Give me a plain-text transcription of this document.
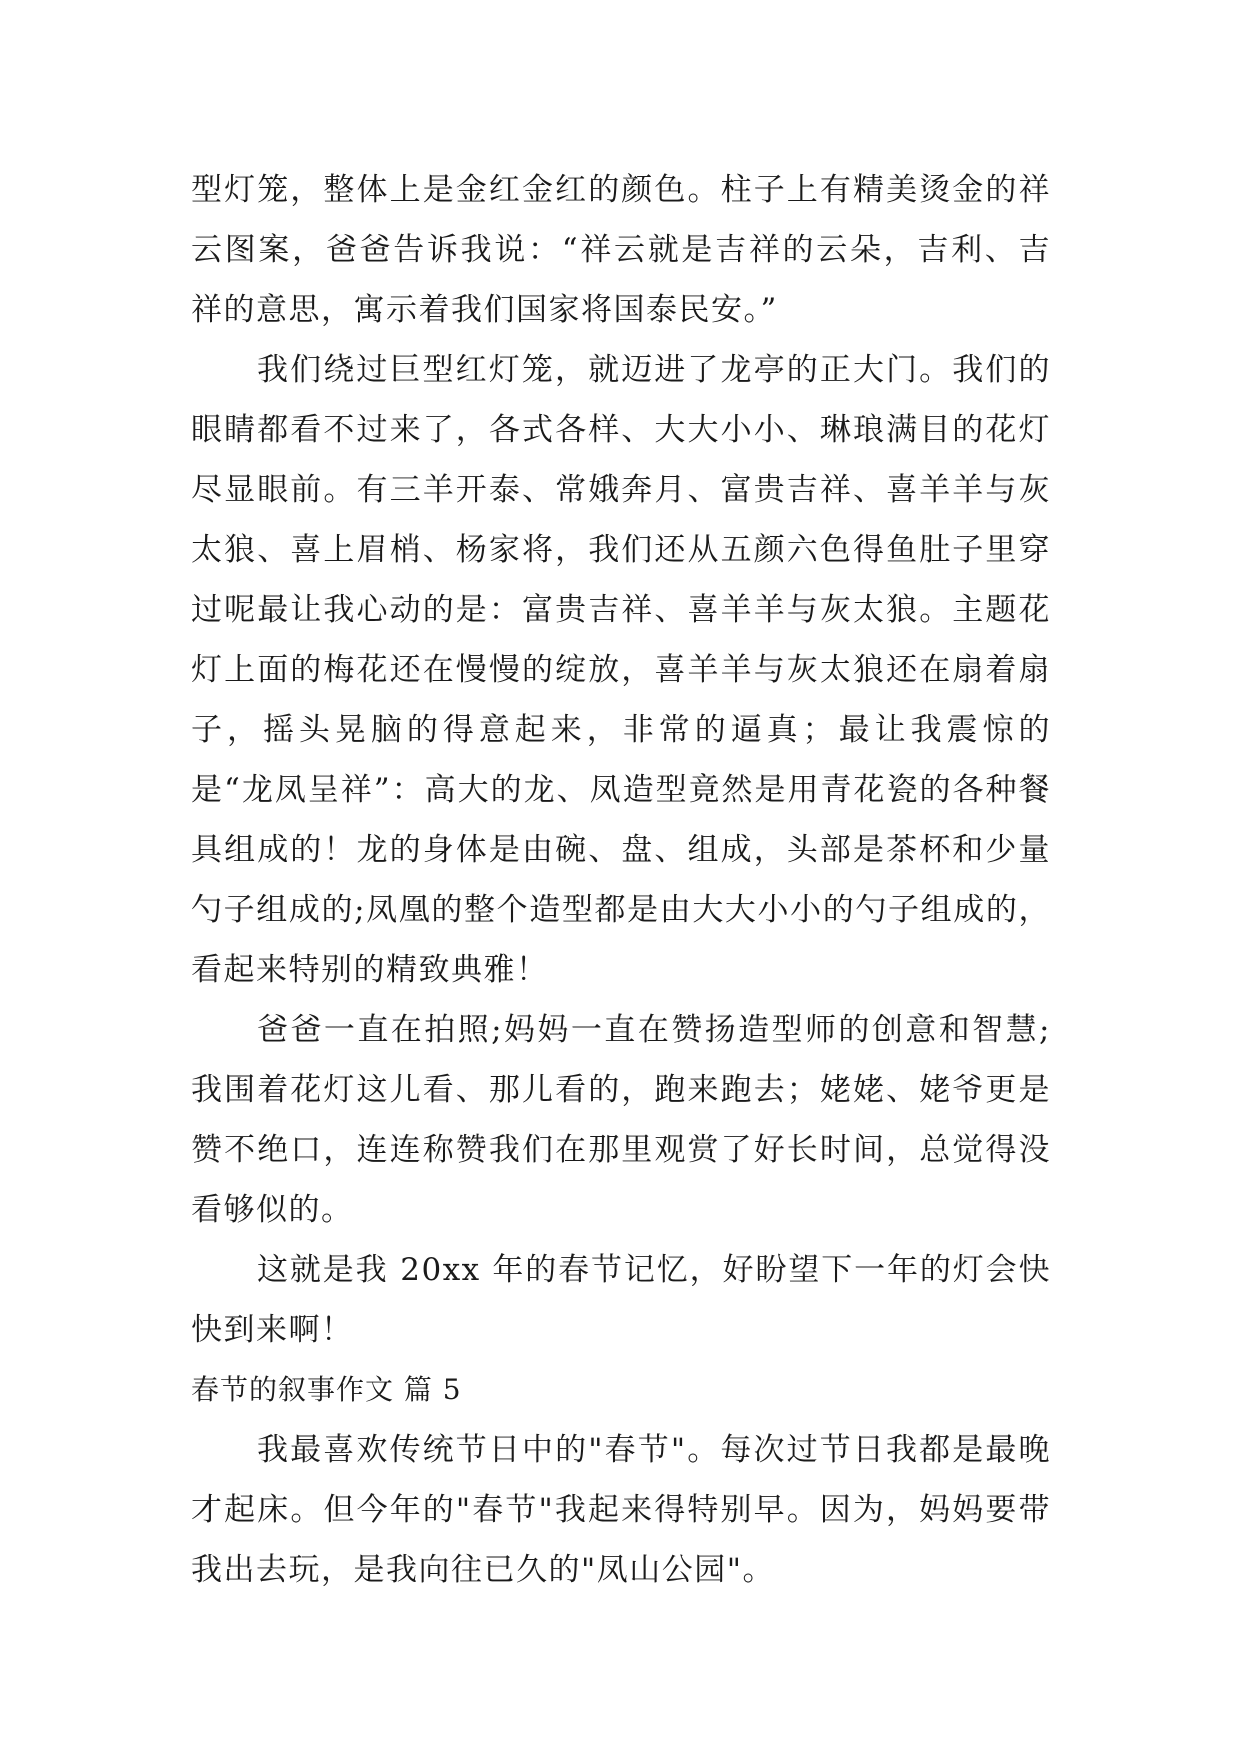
型灯笼，整体上是金红金红的颜色。柱子上有精美烫金的祥云图案，爸爸告诉我说：“祥云就是吉祥的云朵，吉利、吉祥的意思，寓示着我们国家将国泰民安。”

我们绕过巨型红灯笼，就迈进了龙亭的正大门。我们的眼睛都看不过来了，各式各样、大大小小、琳琅满目的花灯尽显眼前。有三羊开泰、常娥奔月、富贵吉祥、喜羊羊与灰太狼、喜上眉梢、杨家将，我们还从五颜六色得鱼肚子里穿过呢最让我心动的是：富贵吉祥、喜羊羊与灰太狼。主题花灯上面的梅花还在慢慢的绽放，喜羊羊与灰太狼还在扇着扇子，摇头晃脑的得意起来，非常的逼真；最让我震惊的是“龙凤呈祥”：高大的龙、凤造型竟然是用青花瓷的各种餐具组成的！龙的身体是由碗、盘、组成，头部是茶杯和少量勺子组成的;凤凰的整个造型都是由大大小小的勺子组成的，看起来特别的精致典雅！

爸爸一直在拍照;妈妈一直在赞扬造型师的创意和智慧;我围着花灯这儿看、那儿看的，跑来跑去；姥姥、姥爷更是赞不绝口，连连称赞我们在那里观赏了好长时间，总觉得没看够似的。

这就是我 20xx 年的春节记忆，好盼望下一年的灯会快快到来啊！

春节的叙事作文 篇 5

我最喜欢传统节日中的"春节"。每次过节日我都是最晚才起床。但今年的"春节"我起来得特别早。因为，妈妈要带我出去玩，是我向往已久的"凤山公园"。
